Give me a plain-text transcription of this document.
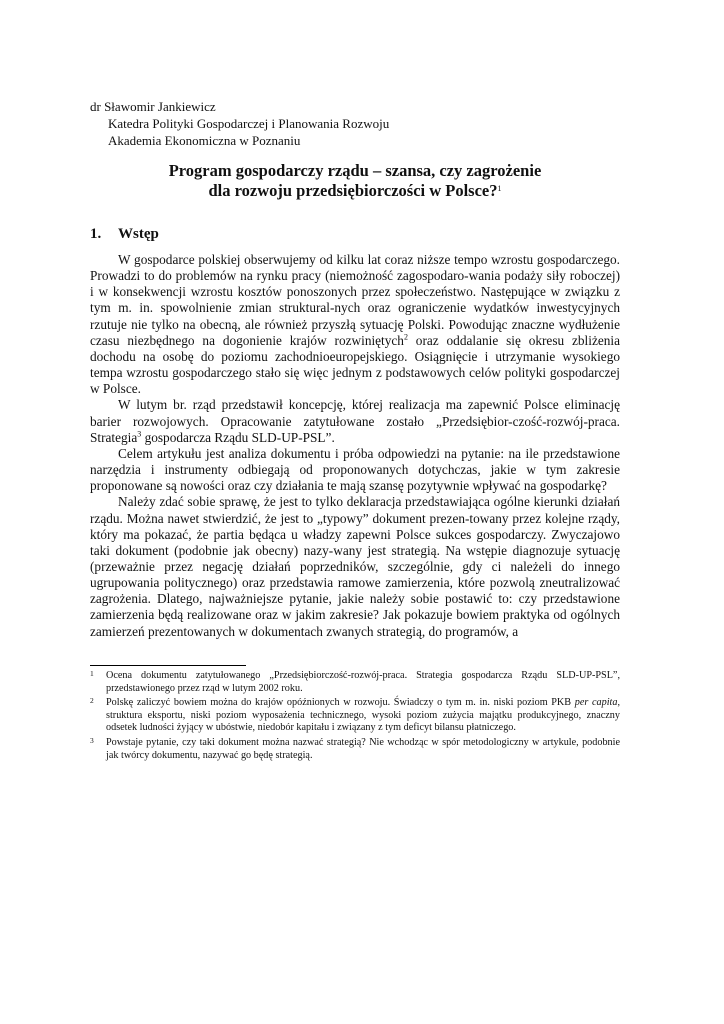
dr Sławomir Jankiewicz
Katedra Polityki Gospodarczej i Planowania Rozwoju
Akademia Ekonomiczna w Poznaniu
Program gospodarczy rządu – szansa, czy zagrożenie
dla rozwoju przedsiębiorczości w Polsce?$^1$
1. Wstęp

W gospodarce polskiej obserwujemy od kilku lat coraz niższe tempo wzrostu gospodarczego. Prowadzi to do problemów na rynku pracy (niemożność zagospodaro-wania podaży siły roboczej) i w konsekwencji wzrostu kosztów ponoszonych przez społeczeństwo. Następujące w związku z tym m. in. spowolnienie zmian struktural-nych oraz ograniczenie wydatków inwestycyjnych rzutuje nie tylko na obecną, ale również przyszłą sytuację Polski. Powodując znaczne wydłużenie czasu niezbędnego na dogonienie krajów rozwiniętych$^2$ oraz oddalanie się okresu zbliżenia dochodu na osobę do poziomu zachodnioeuropejskiego. Osiągnięcie i utrzymanie wysokiego tempa wzrostu gospodarczego stało się więc jednym z podstawowych celów polityki gospodarczej w Polsce.

W lutym br. rząd przedstawił koncepcję, której realizacja ma zapewnić Polsce eliminację barier rozwojowych. Opracowanie zatytułowane zostało „Przedsiębior-czość-rozwój-praca. Strategia$^3$ gospodarcza Rządu SLD-UP-PSL”.

Celem artykułu jest analiza dokumentu i próba odpowiedzi na pytanie: na ile przedstawione narzędzia i instrumenty odbiegają od proponowanych dotychczas, jakie w tym zakresie proponowane są nowości oraz czy działania te mają szansę pozytywnie wpływać na gospodarkę?

Należy zdać sobie sprawę, że jest to tylko deklaracja przedstawiająca ogólne kierunki działań rządu. Można nawet stwierdzić, że jest to „typowy” dokument prezen-towany przez kolejne rządy, który ma pokazać, że partia będąca u władzy zapewni Polsce sukces gospodarczy. Zwyczajowo taki dokument (podobnie jak obecny) nazy-wany jest strategią. Na wstępie diagnozuje sytuację (przeważnie przez negację działań poprzedników, szczególnie, gdy ci należeli do innego ugrupowania politycznego) oraz przedstawia ramowe zamierzenia, które pozwolą zneutralizować zagrożenia. Dlatego, najważniejsze pytanie, jakie należy sobie postawić to: czy przedstawione zamierzenia będą realizowane oraz w jakim zakresie? Jak pokazuje bowiem praktyka od ogólnych zamierzeń prezentowanych w dokumentach zwanych strategią, do programów, a

1 Ocena dokumentu zatytułowanego „Przedsiębiorczość-rozwój-praca. Strategia gospodarcza Rządu SLD-UP-PSL”, przedstawionego przez rząd w lutym 2002 roku.
2 Polskę zaliczyć bowiem można do krajów opóźnionych w rozwoju. Świadczy o tym m. in. niski poziom PKB per capita, struktura eksportu, niski poziom wyposażenia technicznego, wysoki poziom zużycia majątku produkcyjnego, znaczny odsetek ludności żyjący w ubóstwie, niedobór kapitału i związany z tym deficyt bilansu płatniczego.
3 Powstaje pytanie, czy taki dokument można nazwać strategią? Nie wchodząc w spór metodologiczny w artykule, podobnie jak twórcy dokumentu, nazywać go będę strategią.
